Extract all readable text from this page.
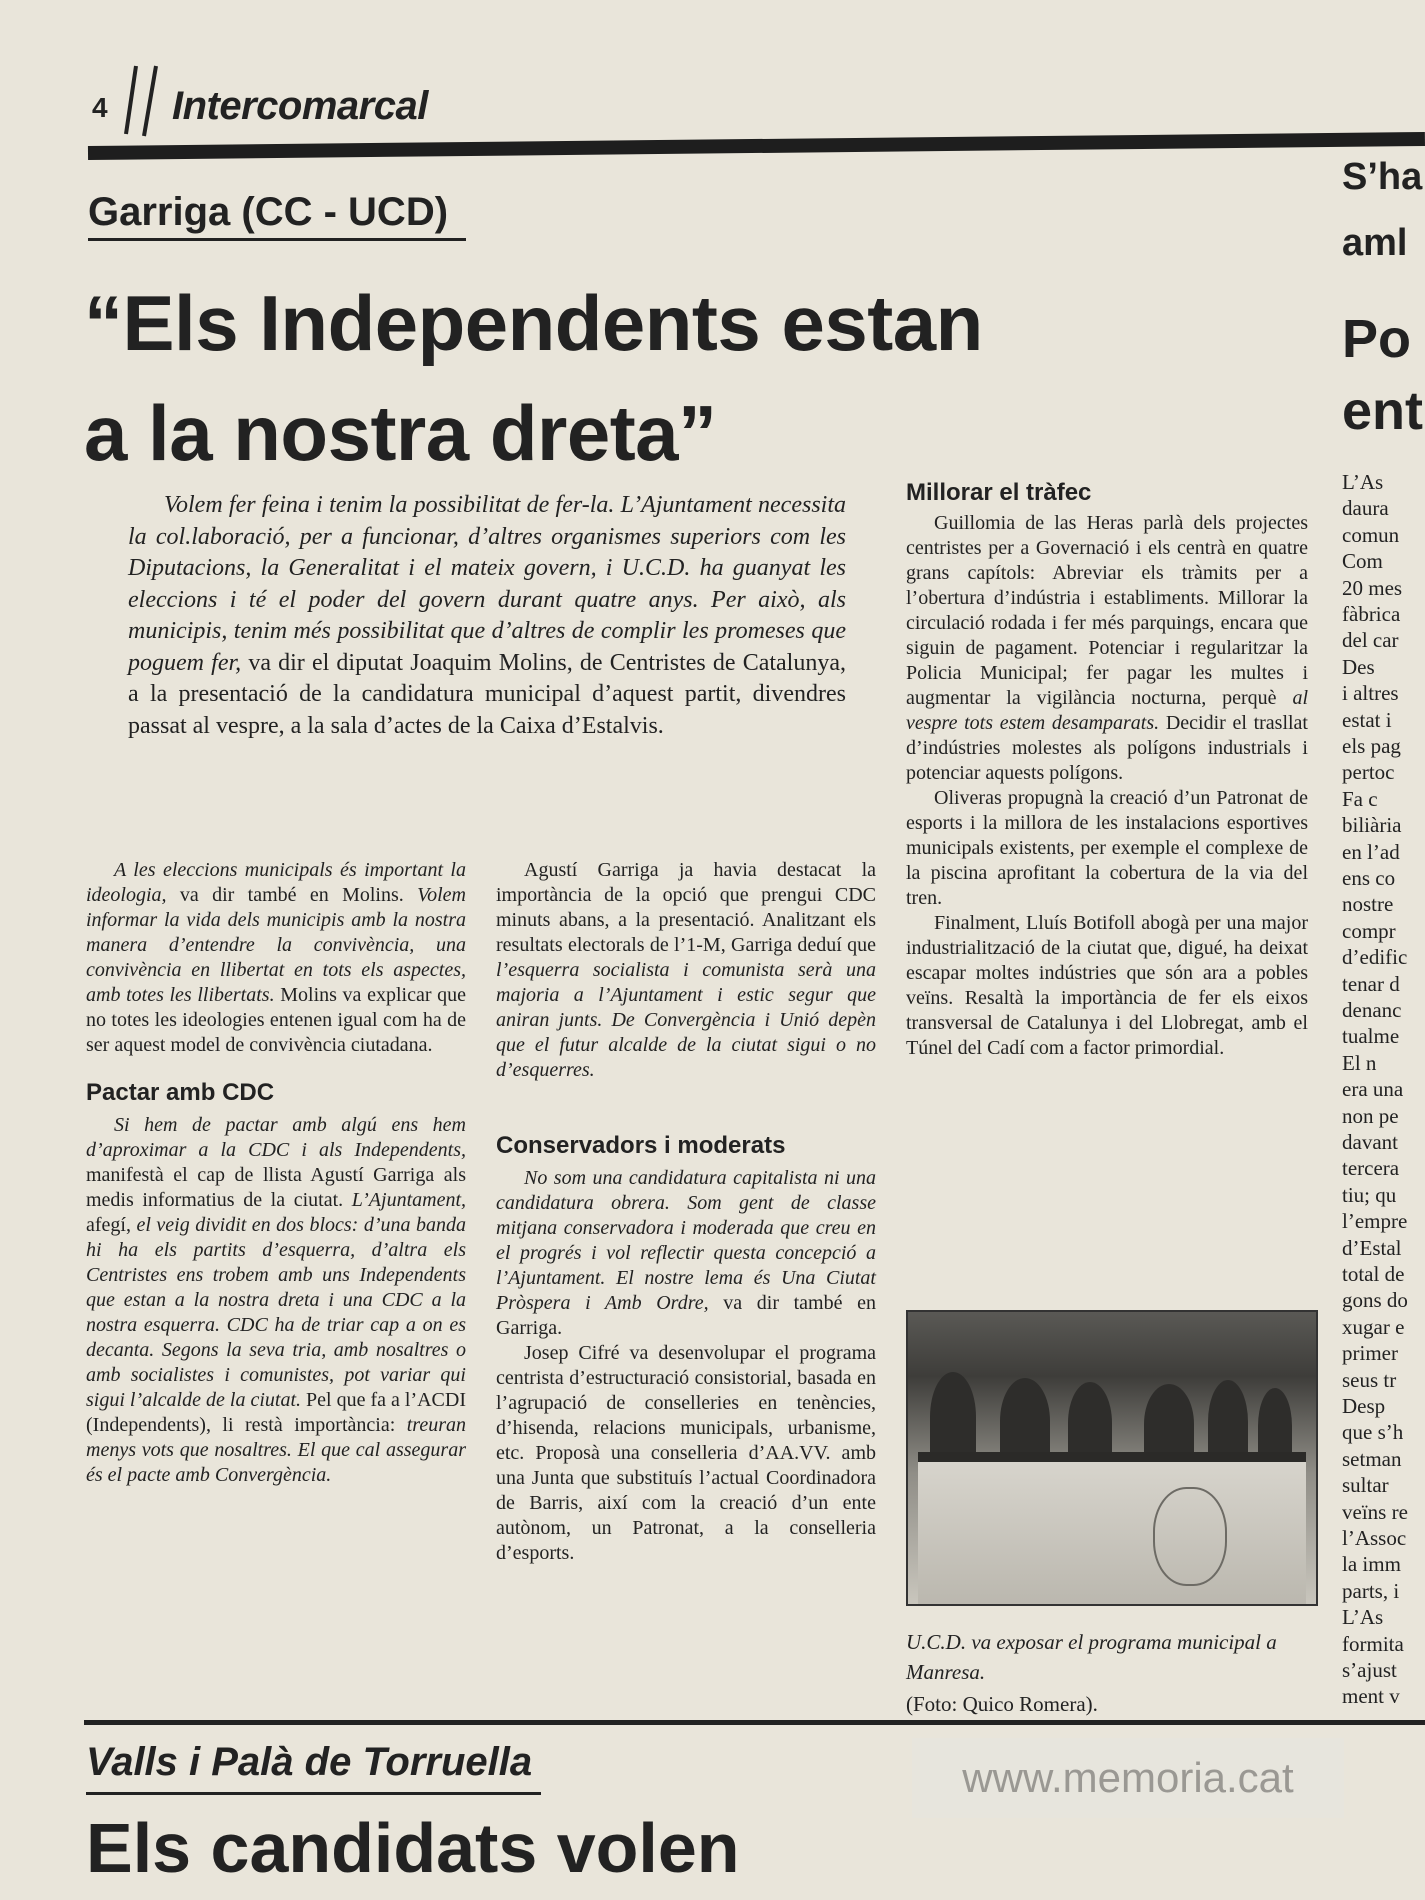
4 Intercomarcal
Garriga (CC - UCD)
“Els Independents estan
a la nostra dreta”

Volem fer feina i tenim la possibilitat de fer-la. L’Ajuntament necessita la col.laboració, per a funcionar, d’altres organismes superiors com les Diputacions, la Generalitat i el mateix govern, i U.C.D. ha guanyat les eleccions i té el poder del govern durant quatre anys. Per això, als municipis, tenim més possibilitat que d’altres de complir les promeses que poguem fer, va dir el diputat Joaquim Molins, de Centristes de Catalunya, a la presentació de la candidatura municipal d’aquest partit, divendres passat al vespre, a la sala d’actes de la Caixa d’Estalvis.

A les eleccions municipals és important la ideologia, va dir també en Molins. Volem informar la vida dels municipis amb la nostra manera d’entendre la convivència, una convivència en llibertat en tots els aspectes, amb totes les llibertats. Molins va explicar que no totes les ideologies entenen igual com ha de ser aquest model de convivència ciutadana.

Pactar amb CDC

Si hem de pactar amb algú ens hem d’aproximar a la CDC i als Independents, manifestà el cap de llista Agustí Garriga als medis informatius de la ciutat. L’Ajuntament, afegí, el veig dividit en dos blocs: d’una banda hi ha els partits d’esquerra, d’altra els Centristes ens trobem amb uns Independents que estan a la nostra dreta i una CDC a la nostra esquerra. CDC ha de triar cap a on es decanta. Segons la seva tria, amb nosaltres o amb socialistes i comunistes, pot variar qui sigui l’alcalde de la ciutat. Pel que fa a l’ACDI (Independents), li restà importància: treuran menys vots que nosaltres. El que cal assegurar és el pacte amb Convergència.

Agustí Garriga ja havia destacat la importància de la opció que prengui CDC minuts abans, a la presentació. Analitzant els resultats electorals de l’1-M, Garriga deduí que l’esquerra socialista i comunista serà una majoria a l’Ajuntament i estic segur que aniran junts. De Convergència i Unió depèn que el futur alcalde de la ciutat sigui o no d’esquerres.

Conservadors i moderats

No som una candidatura capitalista ni una candidatura obrera. Som gent de classe mitjana conservadora i moderada que creu en el progrés i vol reflectir questa concepció a l’Ajuntament. El nostre lema és Una Ciutat Pròspera i Amb Ordre, va dir també en Garriga.

Josep Cifré va desenvolupar el programa centrista d’estructuració consistorial, basada en l’agrupació de conselleries en tenències, d’hisenda, relacions municipals, urbanisme, etc. Proposà una conselleria d’AA.VV. amb una Junta que substituís l’actual Coordinadora de Barris, així com la creació d’un ente autònom, un Patronat, a la conselleria d’esports.

Millorar el tràfec

Guillomia de las Heras parlà dels projectes centristes per a Governació i els centrà en quatre grans capítols: Abreviar els tràmits per a l’obertura d’indústria i establiments. Millorar la circulació rodada i fer més parquings, encara que siguin de pagament. Potenciar i regularitzar la Policia Municipal; fer pagar les multes i augmentar la vigilància nocturna, perquè al vespre tots estem desamparats. Decidir el trasllat d’indústries molestes als polígons industrials i potenciar aquests polígons.

Oliveras propugnà la creació d’un Patronat de esports i la millora de les instalacions esportives municipals existents, per exemple el complexe de la piscina aprofitant la cobertura de la via del tren.

Finalment, Lluís Botifoll abogà per una major industrialització de la ciutat que, digué, ha deixat escapar moltes indústries que són ara a pobles veïns. Resaltà la importància de fer els eixos transversal de Catalunya i del Llobregat, amb el Túnel del Cadí com a factor primordial.

U.C.D. va exposar el programa municipal a Manresa.
(Foto: Quico Romera).
Valls i Palà de Torruella
Els candidats volen
S’ha
aml
Po
ent
L’As
daura
comun
Com
20 mes
fàbrica
del car
Des
i altres
estat i
els pag
pertoc
Fa c
biliària
en l’ad
ens co
nostre
compr
d’edific
tenar d
denanc
tualme
El n
era una
non pe
davant
tercera
tiu; qu
l’empre
d’Estal
total de
gons do
xugar e
primer
seus tr
Desp
que s’h
setman
sultar
veïns re
l’Assoc
la imm
parts, i
L’As
formita
s’ajust
ment v
www.memoria.cat
